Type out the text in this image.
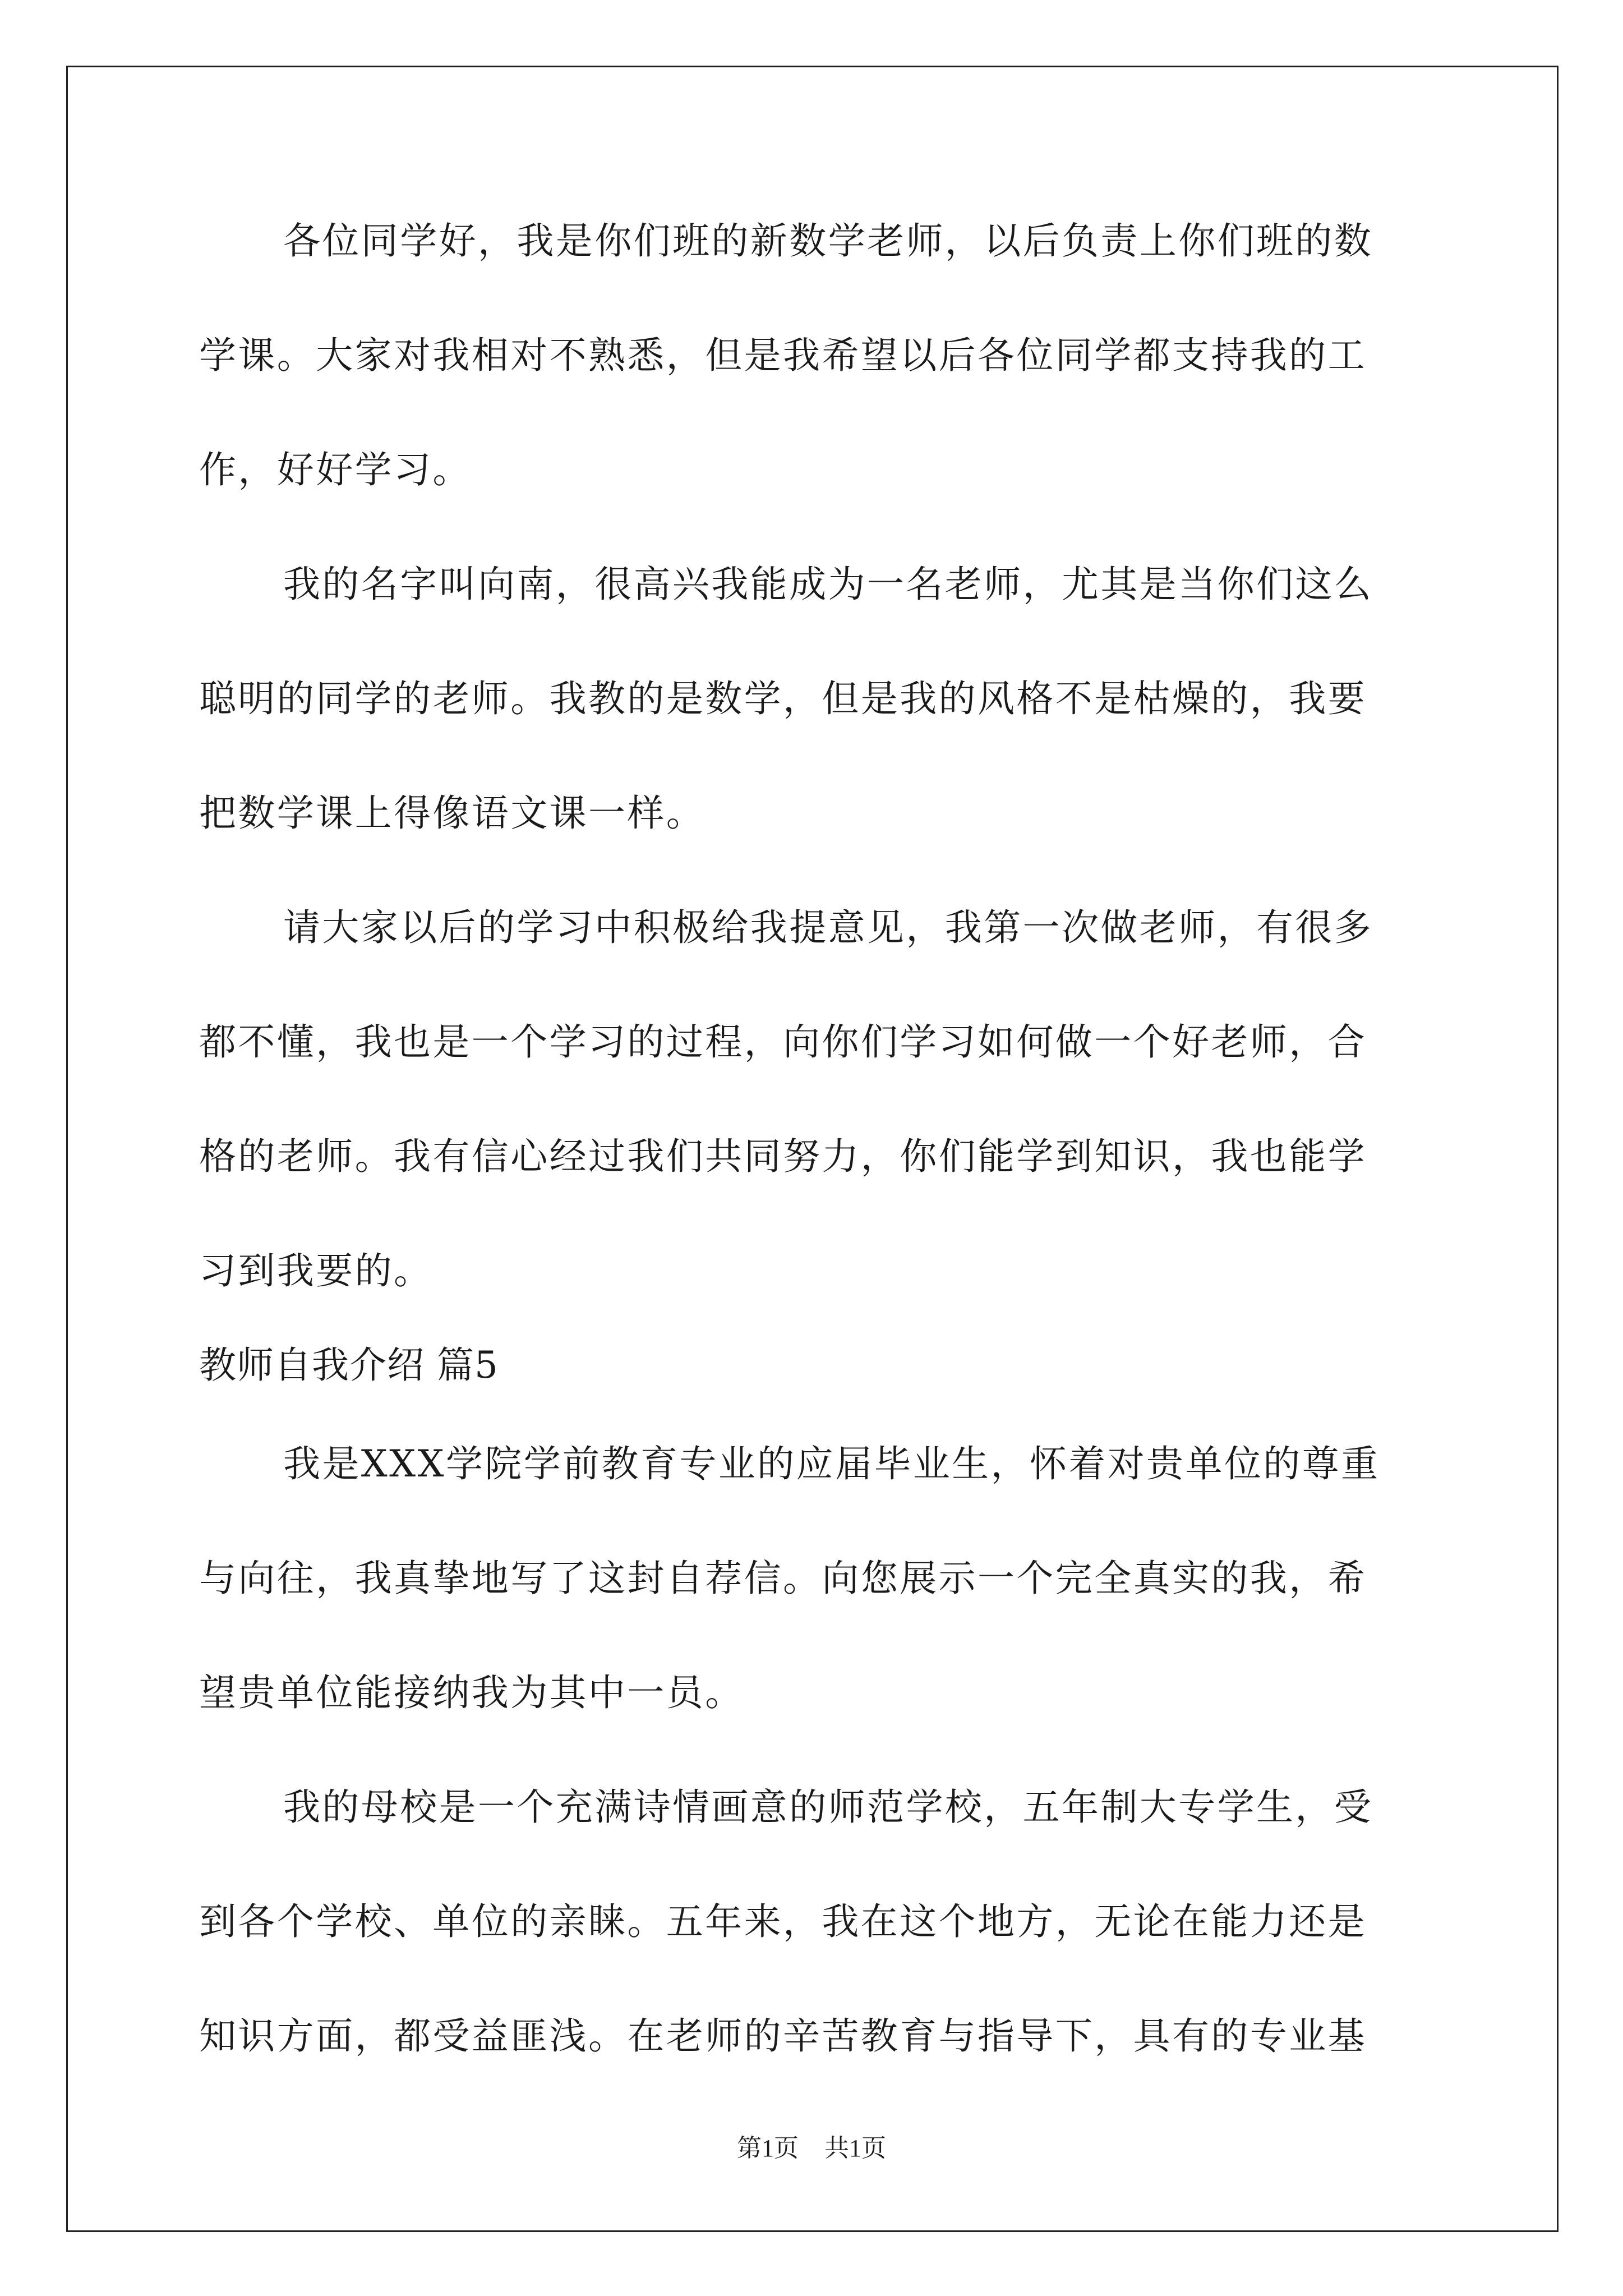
各位同学好，我是你们班的新数学老师，以后负责上你们班的数
学课。大家对我相对不熟悉，但是我希望以后各位同学都支持我的工
作，好好学习。
我的名字叫向南，很高兴我能成为一名老师，尤其是当你们这么
聪明的同学的老师。我教的是数学，但是我的风格不是枯燥的，我要
把数学课上得像语文课一样。
请大家以后的学习中积极给我提意见，我第一次做老师，有很多
都不懂，我也是一个学习的过程，向你们学习如何做一个好老师，合
格的老师。我有信心经过我们共同努力，你们能学到知识，我也能学
习到我要的。
教师自我介绍 篇5
我是XXX学院学前教育专业的应届毕业生，怀着对贵单位的尊重
与向往，我真挚地写了这封自荐信。向您展示一个完全真实的我，希
望贵单位能接纳我为其中一员。
我的母校是一个充满诗情画意的师范学校，五年制大专学生，受
到各个学校、单位的亲睐。五年来，我在这个地方，无论在能力还是
知识方面，都受益匪浅。在老师的辛苦教育与指导下，具有的专业基
第1页 共1页
